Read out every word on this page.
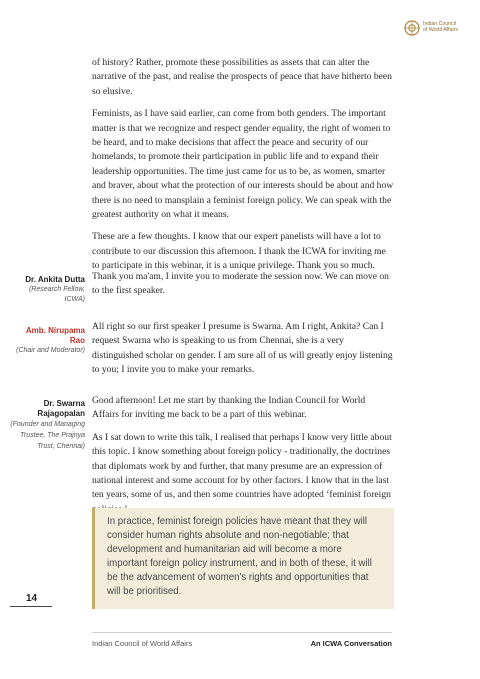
Indian Council
of World Affairs

of history? Rather, promote these possibilities as assets that can alter the narrative of the past, and realise the prospects of peace that have hitherto been so elusive.

Feminists, as I have said earlier, can come from both genders. The important matter is that we recognize and respect gender equality, the right of women to be heard, and to make decisions that affect the peace and security of our homelands, to promote their participation in public life and to expand their leadership opportunities. The time just came for us to be, as women, smarter and braver, about what the protection of our interests should be about and how there is no need to mansplain a feminist foreign policy. We can speak with the greatest authority on what it means.

These are a few thoughts. I know that our expert panelists will have a lot to contribute to our discussion this afternoon. I thank the ICWA for inviting me to participate in this webinar, it is a unique privilege. Thank you so much.

Dr. Ankita Dutta
(Research Fellow, ICWA)

Thank you ma'am, I invite you to moderate the session now. We can move on to the first speaker.

Amb. Nirupama Rao
(Chair and Moderator)

All right so our first speaker I presume is Swarna. Am I right, Ankita? Can I request Swarna who is speaking to us from Chennai, she is a very distinguished scholar on gender. I am sure all of us will greatly enjoy listening to you; I invite you to make your remarks.

Dr. Swarna
Rajagopalan (Founder and Managing Trustee, The Prajnya Trust, Chennai)

Good afternoon! Let me start by thanking the Indian Council for World Affairs for inviting me back to be a part of this webinar.

As I sat down to write this talk, I realised that perhaps I know very little about this topic. I know something about foreign policy - traditionally, the doctrines that diplomats work by and further, that many presume are an expression of national interest and some account for by other factors. I know that in the last ten years, some of us, and then some countries have adopted ‘feminist foreign

In practice, feminist foreign policies have meant that they will consider human rights absolute and non-negotiable; that development and humanitarian aid will become a more important foreign policy instrument, and in both of these, it will be the advancement of women's rights and opportunities that will be prioritised.
14
Indian Council of World Affairs	An ICWA Conversation
